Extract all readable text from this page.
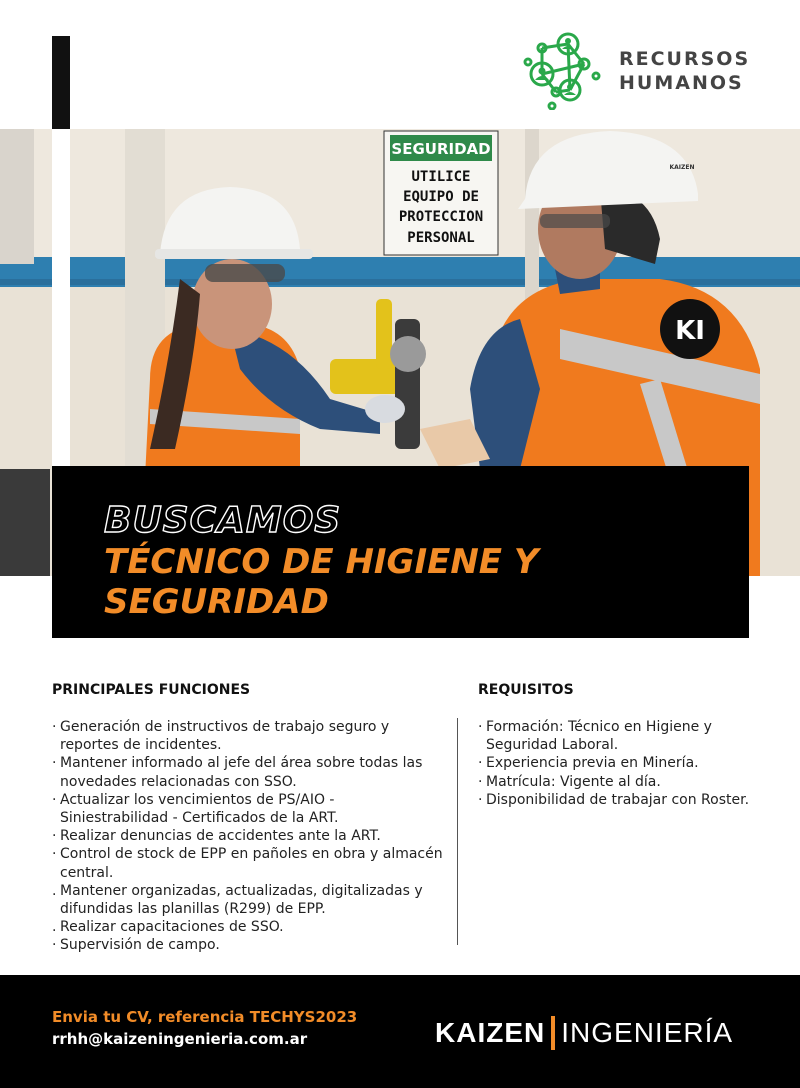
RECURSOS
HUMANOS
SEGURIDAD
UTILICE
EQUIPO DE
PROTECCION
PERSONAL
KAIZEN
KI
BUSCAMOS
TÉCNICO DE HIGIENE Y SEGURIDAD
PRINCIPALES FUNCIONES
· Generación de instructivos de trabajo seguro y reportes de incidentes.
· Mantener informado al jefe del área sobre todas las novedades relacionadas con SSO.
· Actualizar los vencimientos de PS/AIO - Siniestrabilidad - Certificados de la ART.
· Realizar denuncias de accidentes ante la ART.
· Control de stock de EPP en pañoles en obra y almacén central.
. Mantener organizadas, actualizadas, digitalizadas y difundidas las planillas (R299) de EPP.
. Realizar capacitaciones de SSO.
· Supervisión de campo.
REQUISITOS
· Formación: Técnico en Higiene y Seguridad Laboral.
· Experiencia previa en Minería.
· Matrícula: Vigente al día.
· Disponibilidad de trabajar con Roster.
Envia tu CV, referencia TECHYS2023
rrhh@kaizeningenieria.com.ar	KAIZEN INGENIERÍA
